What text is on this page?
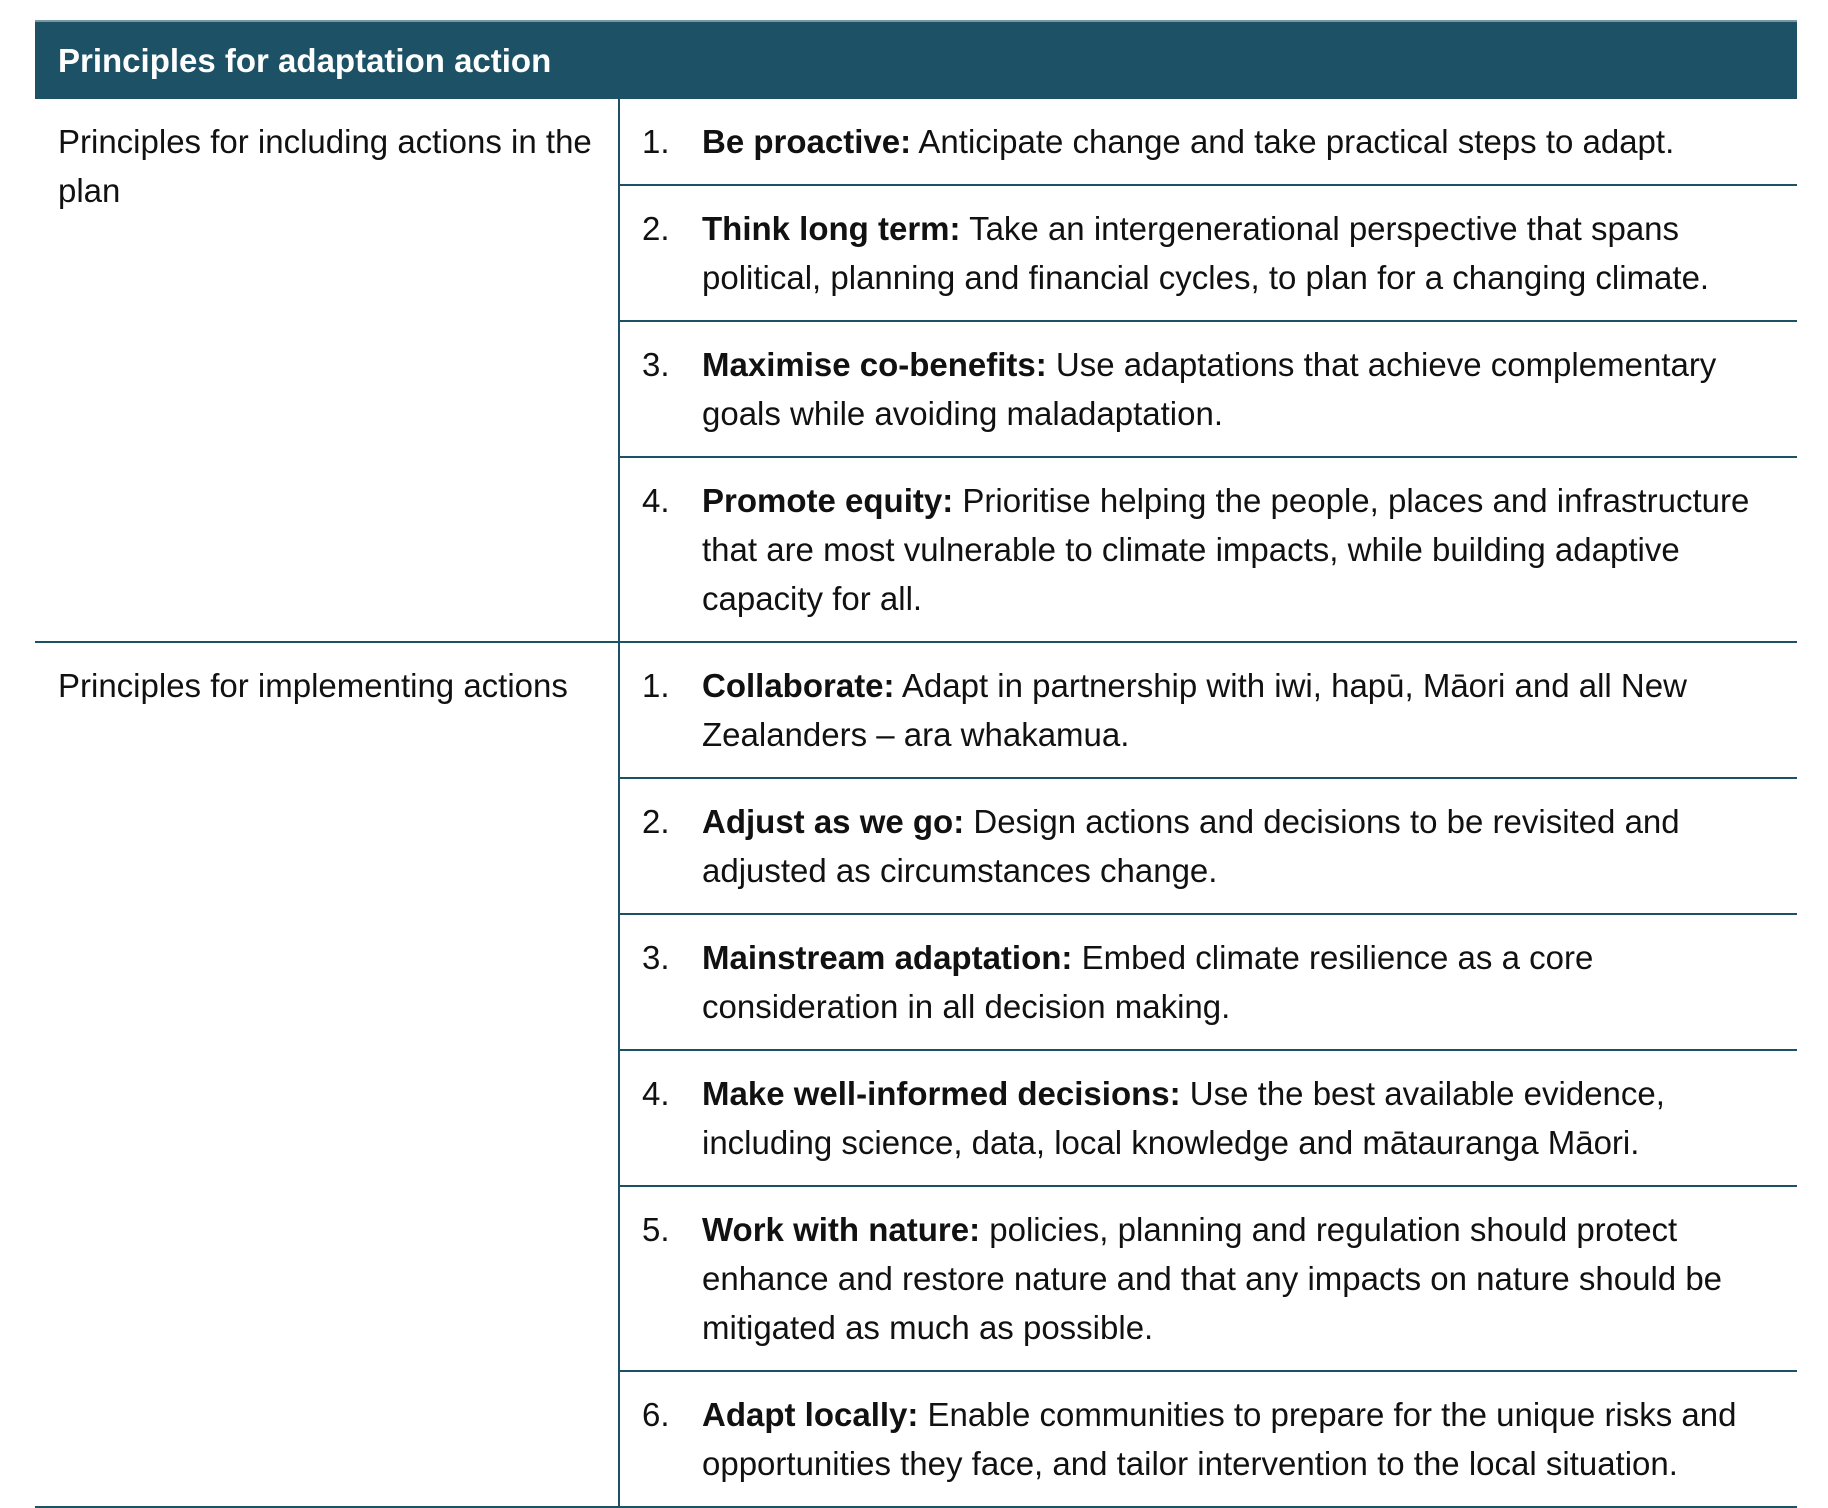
Principles for adaptation action
Principles for including actions in the plan
1. Be proactive: Anticipate change and take practical steps to adapt.
2. Think long term: Take an intergenerational perspective that spans political, planning and financial cycles, to plan for a changing climate.
3. Maximise co-benefits: Use adaptations that achieve complementary goals while avoiding maladaptation.
4. Promote equity: Prioritise helping the people, places and infrastructure that are most vulnerable to climate impacts, while building adaptive capacity for all.
Principles for implementing actions	1. Collaborate: Adapt in partnership with iwi, hapū, Māori and all New Zealanders – ara whakamua.
2. Adjust as we go: Design actions and decisions to be revisited and adjusted as circumstances change.
3. Mainstream adaptation: Embed climate resilience as a core consideration in all decision making.
4. Make well-informed decisions: Use the best available evidence, including science, data, local knowledge and mātauranga Māori.
5. Work with nature: policies, planning and regulation should protect enhance and restore nature and that any impacts on nature should be mitigated as much as possible.
6. Adapt locally: Enable communities to prepare for the unique risks and opportunities they face, and tailor intervention to the local situation.
